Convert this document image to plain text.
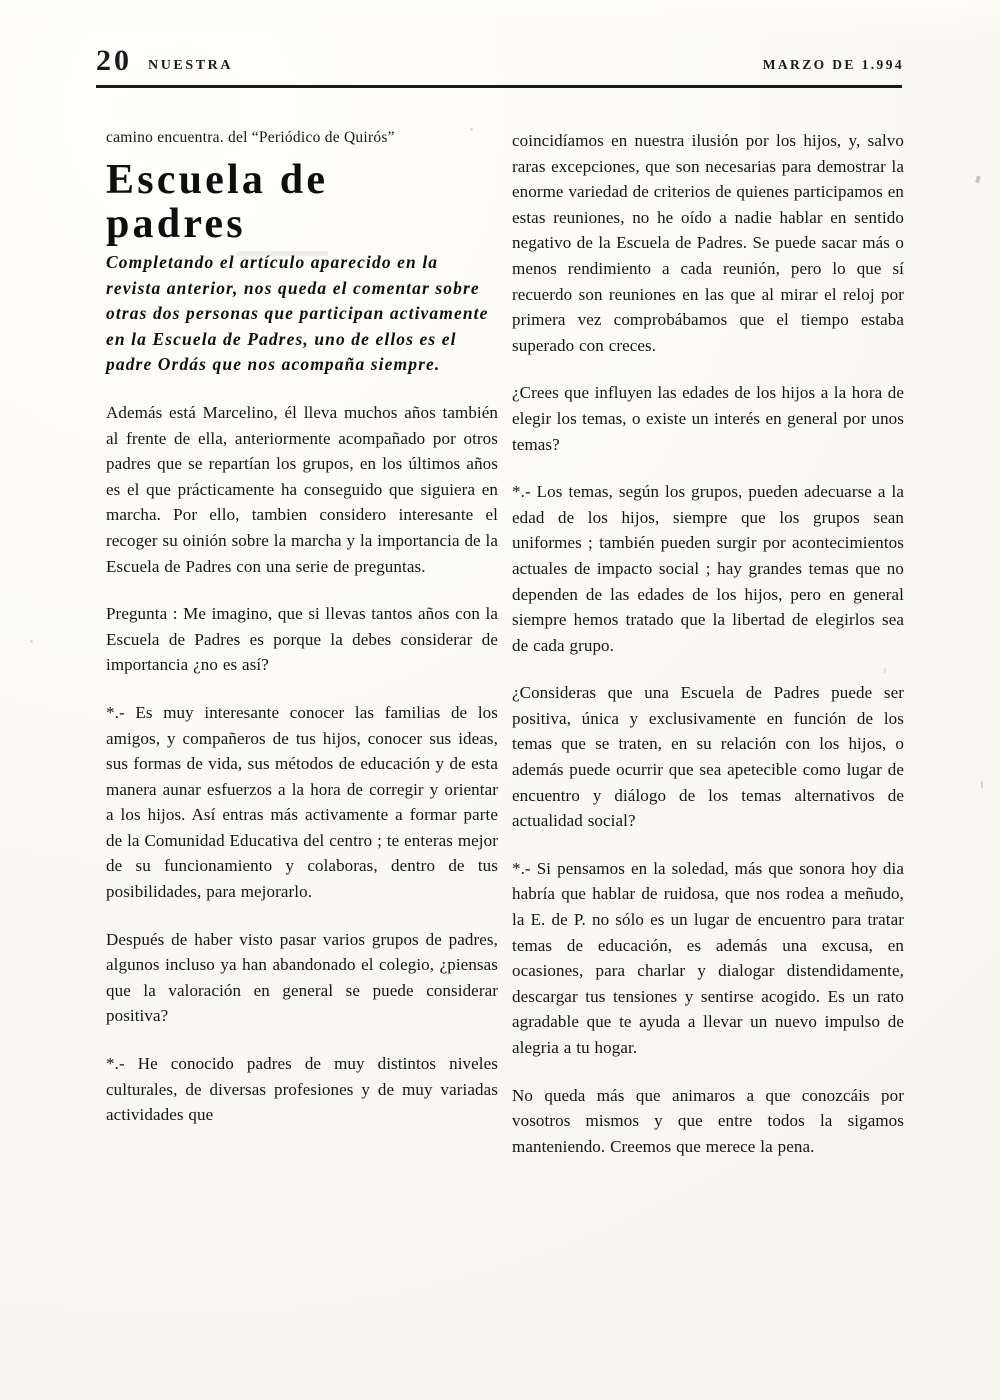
20 NUESTRA	MARZO DE 1.994

camino encuentra. del “Periódico de Quirós”

Escuela de
padres

Completando el artículo aparecido en la revista anterior, nos queda el comentar sobre otras dos personas que participan activamente en la Escuela de Padres, uno de ellos es el padre Ordás que nos acompaña siempre.

Además está Marcelino, él lleva muchos años también al frente de ella, anteriormente acompañado por otros padres que se repartían los grupos, en los últimos años es el que prácticamente ha conseguido que siguiera en marcha. Por ello, tambien considero interesante el recoger su oinión sobre la marcha y la importancia de la Escuela de Padres con una serie de preguntas.

Pregunta : Me imagino, que si llevas tantos años con la Escuela de Padres es porque la debes considerar de importancia ¿no es así?

*.- Es muy interesante conocer las familias de los amigos, y compañeros de tus hijos, conocer sus ideas, sus formas de vida, sus métodos de educación y de esta manera aunar esfuerzos a la hora de corregir y orientar a los hijos. Así entras más activamente a formar parte de la Comunidad Educativa del centro ; te enteras mejor de su funcionamiento y colaboras, dentro de tus posibilidades, para mejorarlo.

Después de haber visto pasar varios grupos de padres, algunos incluso ya han abandonado el colegio, ¿piensas que la valoración en general se puede considerar positiva?

*.- He conocido padres de muy distintos niveles culturales, de diversas profesiones y de muy variadas actividades que

coincidíamos en nuestra ilusión por los hijos, y, salvo raras excepciones, que son necesarias para demostrar la enorme variedad de criterios de quienes participamos en estas reuniones, no he oído a nadie hablar en sentido negativo de la Escuela de Padres. Se puede sacar más o menos rendimiento a cada reunión, pero lo que sí recuerdo son reuniones en las que al mirar el reloj por primera vez comprobábamos que el tiempo estaba superado con creces.

¿Crees que influyen las edades de los hijos a la hora de elegir los temas, o existe un interés en general por unos temas?

*.- Los temas, según los grupos, pueden adecuarse a la edad de los hijos, siempre que los grupos sean uniformes ; también pueden surgir por acontecimientos actuales de impacto social ; hay grandes temas que no dependen de las edades de los hijos, pero en general siempre hemos tratado que la libertad de elegirlos sea de cada grupo.

¿Consideras que una Escuela de Padres puede ser positiva, única y exclusivamente en función de los temas que se traten, en su relación con los hijos, o además puede ocurrir que sea apetecible como lugar de encuentro y diálogo de los temas alternativos de actualidad social?

*.- Si pensamos en la soledad, más que sonora hoy dia habría que hablar de ruidosa, que nos rodea a meñudo, la E. de P. no sólo es un lugar de encuentro para tratar temas de educación, es además una excusa, en ocasiones, para charlar y dialogar distendidamente, descargar tus tensiones y sentirse acogido. Es un rato agradable que te ayuda a llevar un nuevo impulso de alegria a tu hogar.

No queda más que animaros a que conozcáis por vosotros mismos y que entre todos la sigamos manteniendo. Creemos que merece la pena.
